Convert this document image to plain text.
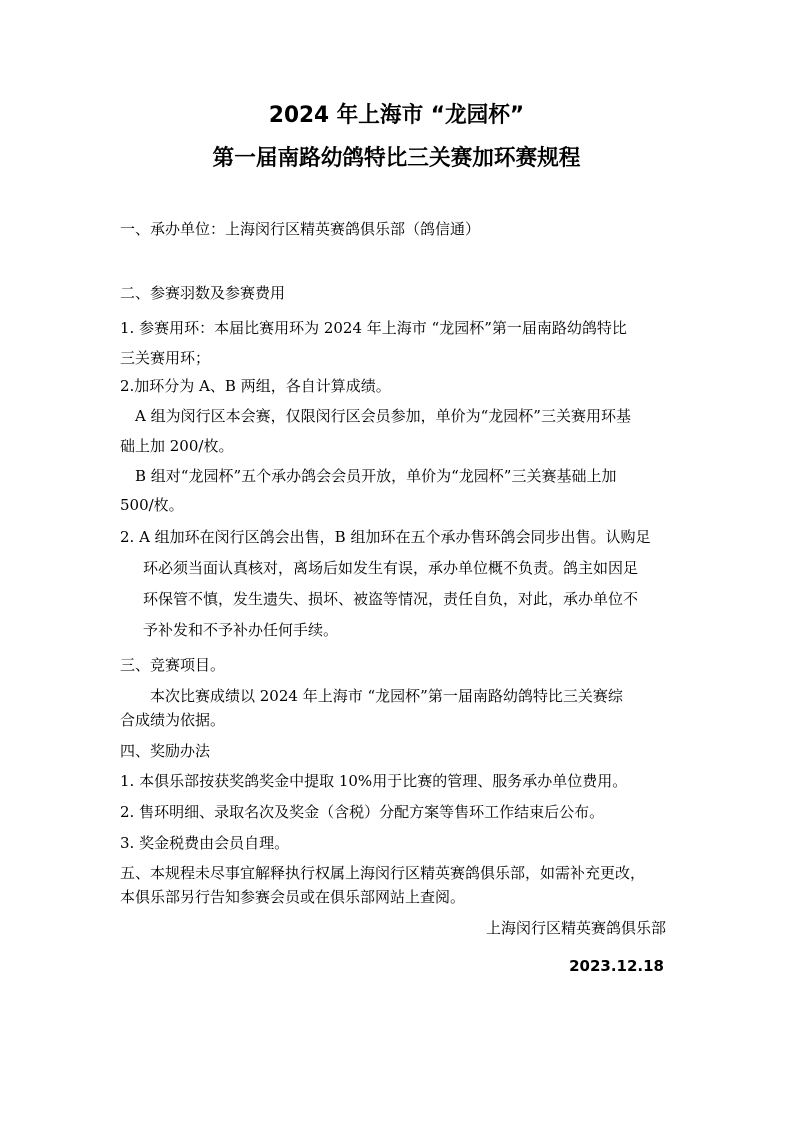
2024 年上海市 “龙园杯”
第一届南路幼鸽特比三关赛加环赛规程
一、承办单位：上海闵行区精英赛鸽俱乐部（鸽信通）
二、参赛羽数及参赛费用
1. 参赛用环：本届比赛用环为 2024 年上海市 “龙园杯”第一届南路幼鸽特比
三关赛用环；
2.加环分为 A、B 两组，各自计算成绩。
A 组为闵行区本会赛，仅限闵行区会员参加，单价为“龙园杯”三关赛用环基
础上加 200/枚。
B 组对“龙园杯”五个承办鸽会会员开放，单价为“龙园杯”三关赛基础上加
500/枚。
2. A 组加环在闵行区鸽会出售，B 组加环在五个承办售环鸽会同步出售。认购足
环必须当面认真核对，离场后如发生有误，承办单位概不负责。鸽主如因足
环保管不慎，发生遗失、损坏、被盗等情况，责任自负，对此，承办单位不
予补发和不予补办任何手续。
三、竞赛项目。
本次比赛成绩以 2024 年上海市 “龙园杯”第一届南路幼鸽特比三关赛综
合成绩为依据。
四、奖励办法
1. 本俱乐部按获奖鸽奖金中提取 10%用于比赛的管理、服务承办单位费用。
2. 售环明细、录取名次及奖金（含税）分配方案等售环工作结束后公布。
3. 奖金税费由会员自理。
五、本规程未尽事宜解释执行权属上海闵行区精英赛鸽俱乐部，如需补充更改，
本俱乐部另行告知参赛会员或在俱乐部网站上查阅。
上海闵行区精英赛鸽俱乐部
2023.12.18
